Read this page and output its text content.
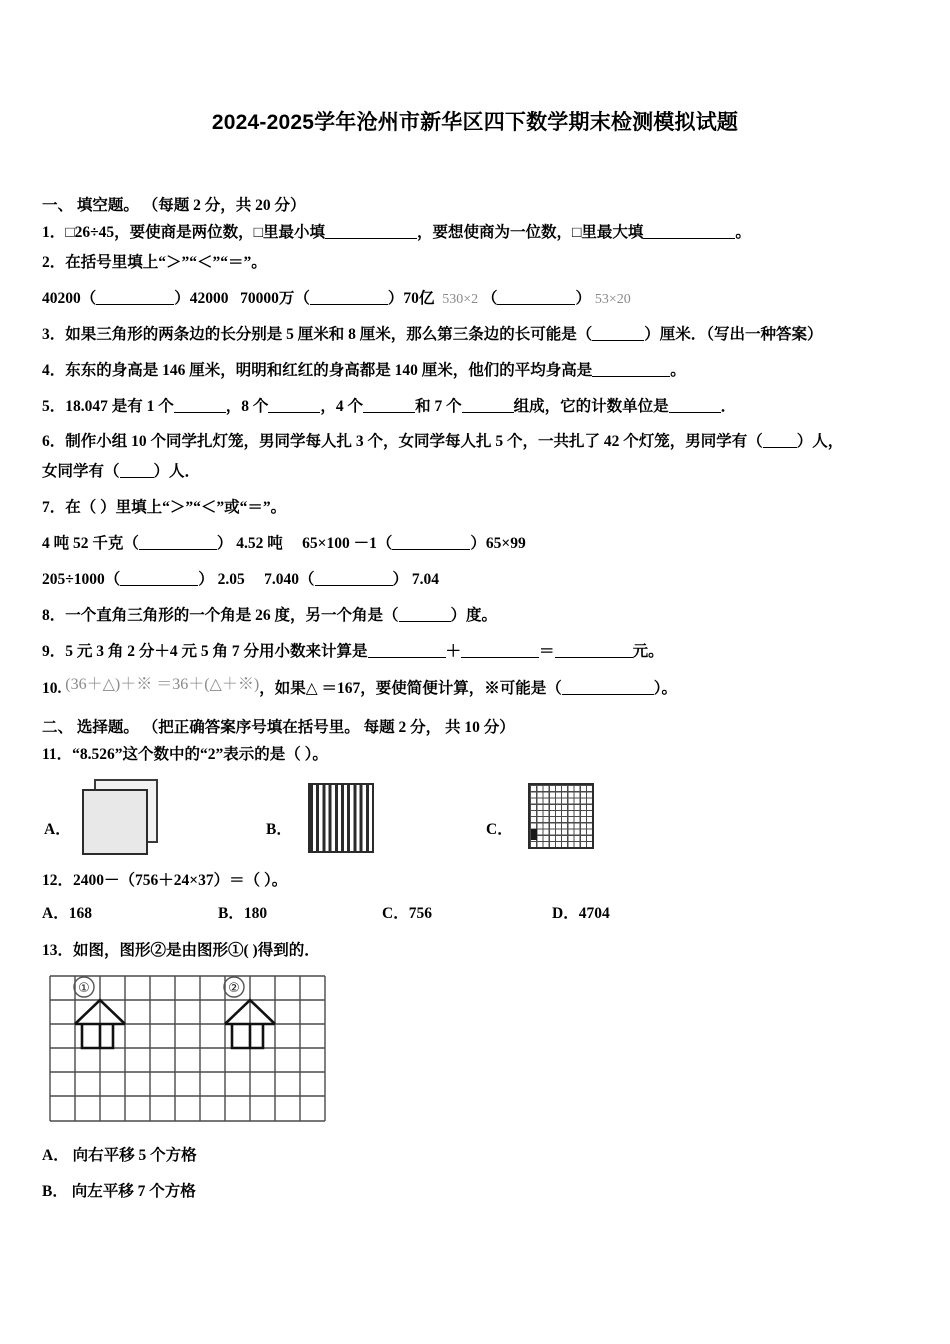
2024-2025学年沧州市新华区四下数学期末检测模拟试题
一、 填空题。 （每题 2 分，共 20 分）
1．□26÷45，要使商是两位数，□里最小填	，要想使商为一位数，□里最大填	。
2．在括号里填上“＞”“＜”“＝”。
40200（	）42000 70000万（	）70亿 530×2 （	） 53×20
3．如果三角形的两条边的长分别是 5 厘米和 8 厘米，那么第三条边的长可能是（	）厘米．（写出一种答案）
4．东东的身高是 146 厘米，明明和红红的身高都是 140 厘米，他们的平均身高是	。
5．18.047 是有 1 个	，8 个	，4 个	和 7 个	组成，它的计数单位是	．
6．制作小组 10 个同学扎灯笼，男同学每人扎 3 个，女同学每人扎 5 个，一共扎了 42 个灯笼，男同学有（ ）人，
女同学有（ ）人．
7．在（ ）里填上“＞”“＜”或“＝”。
4 吨 52 千克（	） 4.52 吨 65×100 －1（	）65×99
205÷1000（	） 2.05 7.040（	） 7.04
8．一个直角三角形的一个角是 26 度，另一个角是（	）度。
9．5 元 3 角 2 分＋4 元 5 角 7 分用小数来计算是	＋	＝	元。
10. (36＋△)＋※ ＝36＋(△＋※)，如果△ ＝167，要使简便计算，※可能是（	）。
二、 选择题。 （把正确答案序号填在括号里。 每题 2 分， 共 10 分）
11．“8.526”这个数中的“2”表示的是（ ）。
A．	B．	C．
12．2400－（756＋24×37）＝（ ）。
A．168	B．180	C．756	D．4704
13．如图，图形②是由图形①( )得到的．
①	②
A． 向右平移 5 个方格
B． 向左平移 7 个方格
